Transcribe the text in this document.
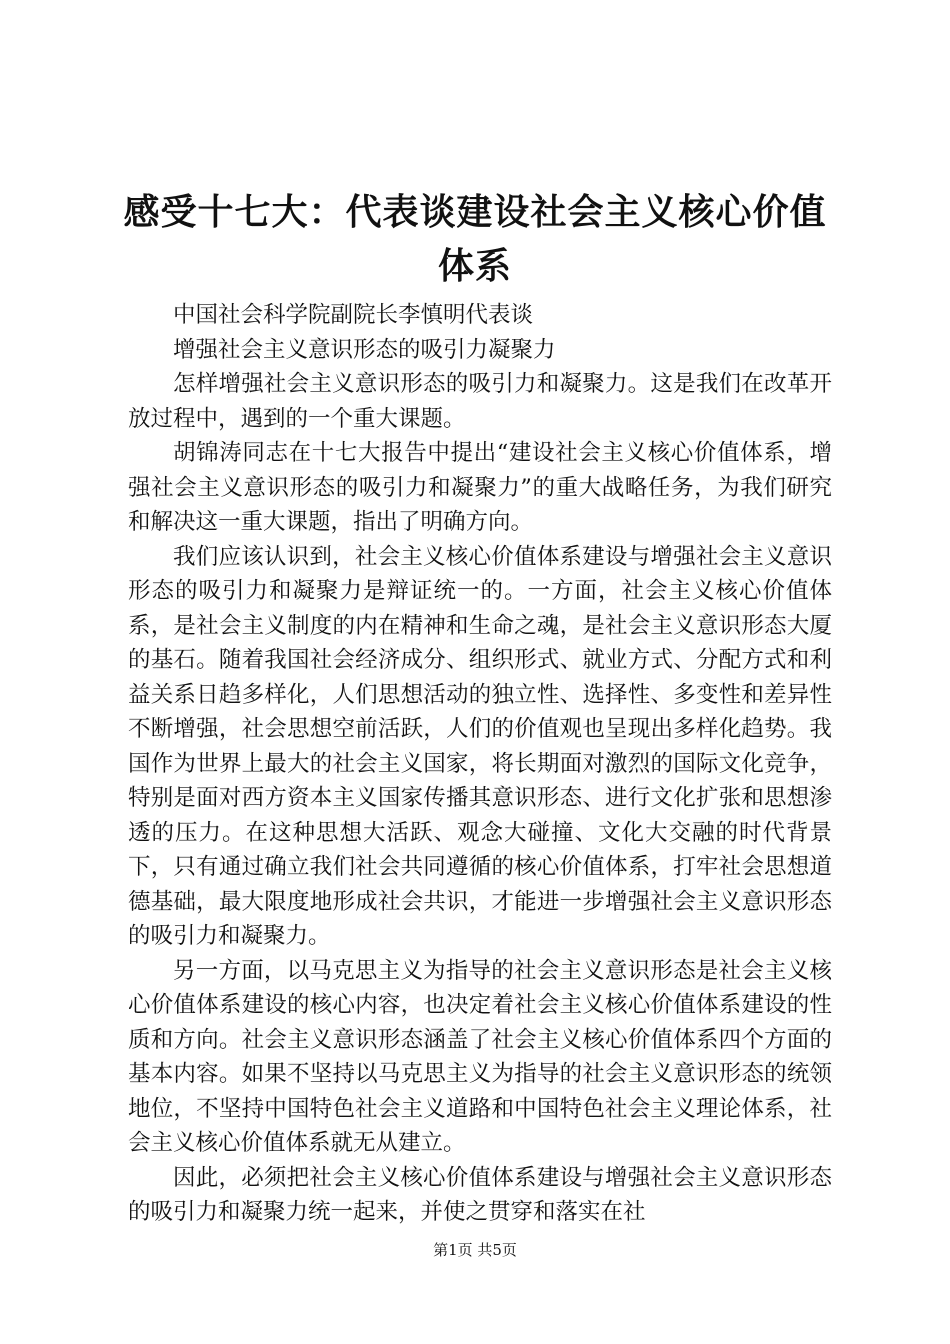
感受十七大：代表谈建设社会主义核心价值体系

中国社会科学院副院长李慎明代表谈

增强社会主义意识形态的吸引力凝聚力

怎样增强社会主义意识形态的吸引力和凝聚力。这是我们在改革开放过程中，遇到的一个重大课题。

胡锦涛同志在十七大报告中提出“建设社会主义核心价值体系，增强社会主义意识形态的吸引力和凝聚力”的重大战略任务，为我们研究和解决这一重大课题，指出了明确方向。

我们应该认识到，社会主义核心价值体系建设与增强社会主义意识形态的吸引力和凝聚力是辩证统一的。一方面，社会主义核心价值体系，是社会主义制度的内在精神和生命之魂，是社会主义意识形态大厦的基石。随着我国社会经济成分、组织形式、就业方式、分配方式和利益关系日趋多样化，人们思想活动的独立性、选择性、多变性和差异性不断增强，社会思想空前活跃，人们的价值观也呈现出多样化趋势。我国作为世界上最大的社会主义国家，将长期面对激烈的国际文化竞争，特别是面对西方资本主义国家传播其意识形态、进行文化扩张和思想渗透的压力。在这种思想大活跃、观念大碰撞、文化大交融的时代背景下，只有通过确立我们社会共同遵循的核心价值体系，打牢社会思想道德基础，最大限度地形成社会共识，才能进一步增强社会主义意识形态的吸引力和凝聚力。

另一方面，以马克思主义为指导的社会主义意识形态是社会主义核心价值体系建设的核心内容，也决定着社会主义核心价值体系建设的性质和方向。社会主义意识形态涵盖了社会主义核心价值体系四个方面的基本内容。如果不坚持以马克思主义为指导的社会主义意识形态的统领地位，不坚持中国特色社会主义道路和中国特色社会主义理论体系，社会主义核心价值体系就无从建立。

因此，必须把社会主义核心价值体系建设与增强社会主义意识形态的吸引力和凝聚力统一起来，并使之贯穿和落实在社

第1页 共5页
